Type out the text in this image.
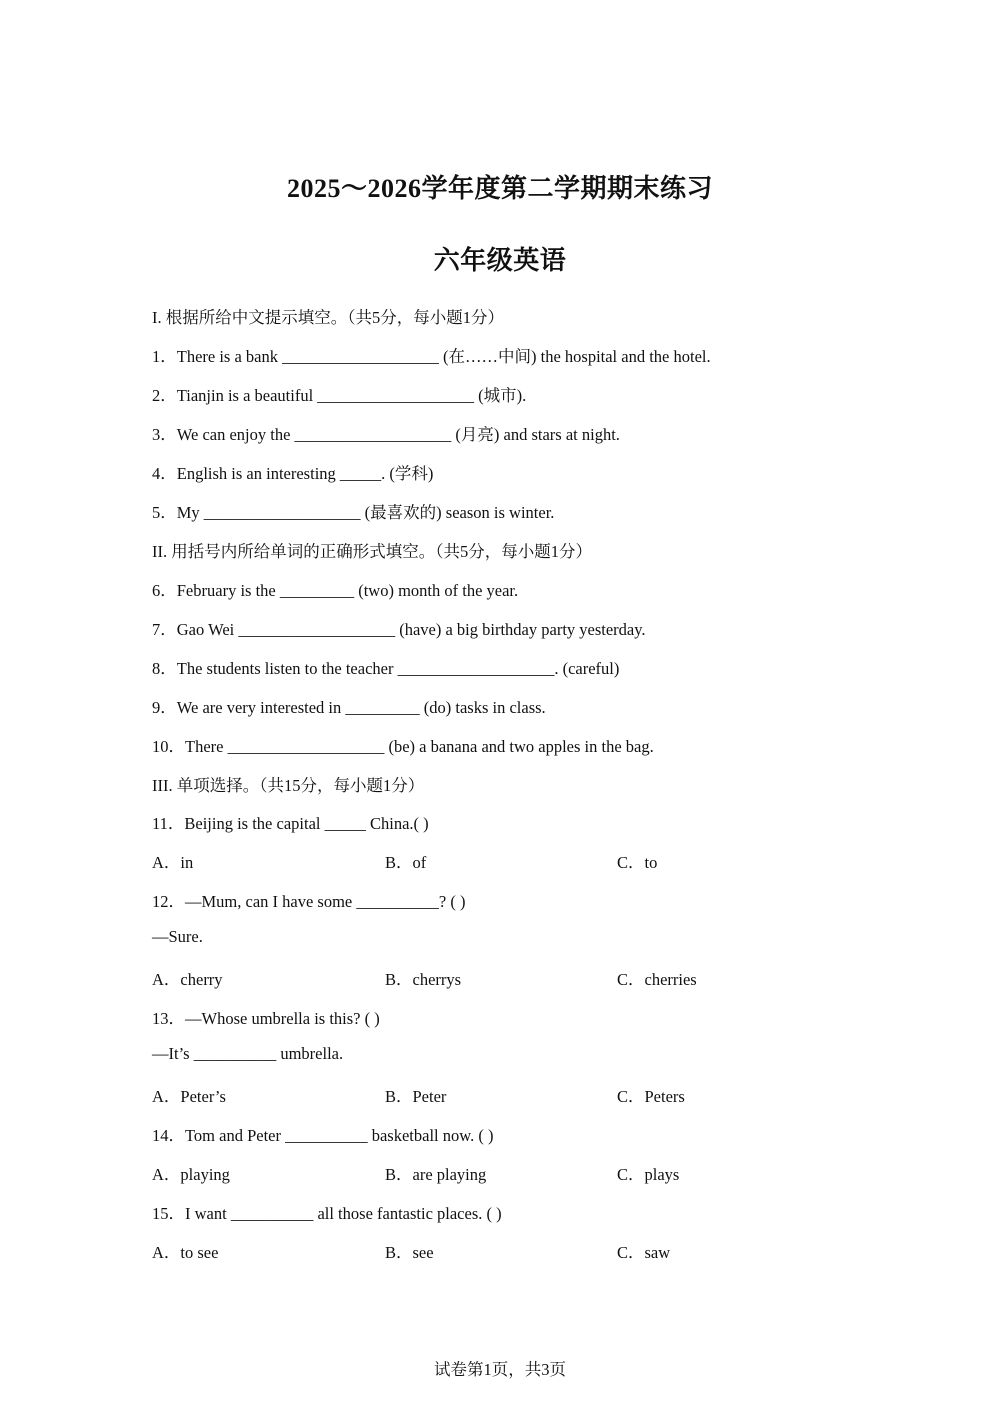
2025～2026学年度第二学期期末练习
六年级英语
I. 根据所给中文提示填空。（共5分，每小题1分）
1．There is a bank ___________________ (在……中间) the hospital and the hotel.
2．Tianjin is a beautiful ___________________ (城市).
3．We can enjoy the ___________________ (月亮) and stars at night.
4．English is an interesting _____. (学科)
5．My ___________________ (最喜欢的) season is winter.
II. 用括号内所给单词的正确形式填空。（共5分，每小题1分）
6．February is the _________ (two) month of the year.
7．Gao Wei ___________________ (have) a big birthday party yesterday.
8．The students listen to the teacher ___________________. (careful)
9．We are very interested in _________ (do) tasks in class.
10．There ___________________ (be) a banana and two apples in the bag.
III. 单项选择。（共15分，每小题1分）
11．Beijing is the capital _____ China.( )
A．in	B．of	C．to
12．—Mum, can I have some __________? ( )
—Sure.
A．cherry	B．cherrys	C．cherries
13．—Whose umbrella is this? ( )
—It’s __________ umbrella.
A．Peter’s	B．Peter	C．Peters
14．Tom and Peter __________ basketball now. ( )
A．playing	B．are playing	C．plays
15．I want __________ all those fantastic places. ( )
A．to see	B．see	C．saw
试卷第1页，共3页
